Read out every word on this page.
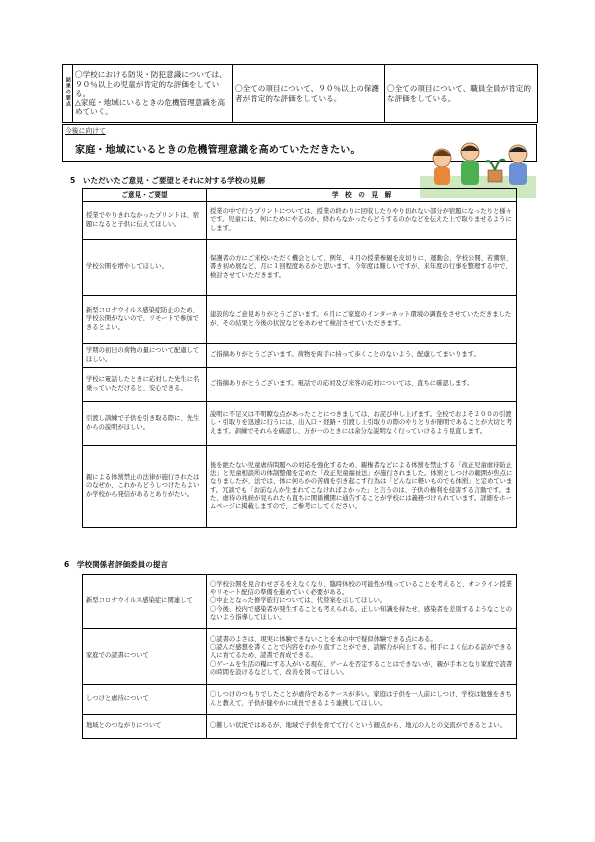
結果の要点	〇学校における防災・防犯意識については、９０％以上の児童が肯定的な評価をしている。
△家庭・地域にいるときの危機管理意識を高めていく。	〇全ての項目について、９０％以上の保護者が肯定的な評価をしている。	〇全ての項目について、職員全員が肯定的な評価をしている。
今後に向けて
家庭・地域にいるときの危機管理意識を高めていただきたい。
5　いただいたご意見・ご要望とそれに対する学校の見解
ご意見・ご要望	学　校　の　見　解
授業でやりきれなかったプリントは、宿題になると子供に伝えてほしい。	授業の中で行うプリントについては、授業の終わりに回収したりやり切れない部分が宿題になったりと様々です。児童には、何にためにやるのか、終わらなかったらどうするのかなどを伝えた上で取りませるようにします。
学校公開を増やしてほしい。	保護者の方にご来校いただく機会として、例年、４月の授業参観を皮切りに、運動会、学校公開、若潮祭、書き初め展など、月に１回程度あるかと思います。今年度は難しいですが、来年度の行事を整理する中で、検討させていただきます。
新型コロナウイルス感染症防止のため、学校公開がないので、リモートで参加できるとよい。	建設的なご意見ありがとうございます。６月にご家庭のインターネット環境の調査をさせていただきましたが、その結果と今後の状況などをあわせて検討させていただきます。
学期の初日の荷物の量について配慮してほしい。	ご指摘ありがとうございます。荷物を両手に持って歩くことのないよう、配慮してまいります。
学校に電話したときに応対した先生に名乗っていただけると、安心できる。	ご指摘ありがとうございます。電話での応対及び来客の応対については、直ちに確認します。
引渡し訓練で子供を引き取る際に、先生からの説明がほしい。	説明に不足又は不明瞭な点があったことにつきましては、お詫び申し上げます。全校でおよそ２００の引渡し・引取りを迅速に行うには、出入口・経路・引渡し上引取りの際のやりとりが簡明であることが大切と考えます。訓練でそれらを確認し、万が一のときには余分な説明なく行っていけるよう見直します。
親による体罰禁止の法律が施行されたはのなぜか、これからどうしつけたらよいか学校から発信があるとありがたい。	後を絶たない児童虐待問題への対応を強化するため、親権者などによる体罰を禁止する「改正児童虐待防止法」と児童相談所の体制整備を定めた「改正児童福祉法」が施行されました。体罰としつけの範囲が焦点になりましたが、法では、体に何らかの苦痛を引き起こす行為は「どんなに軽いものでも体罰」と定めています。冗談でも「お前なんか生まれてこなければよかった」と言うのは、子供の権利を侵害する言動です。また、虐待の兆候が見られたら直ちに関係機関に通告することが学校には義務づけられています。詳細をホームページに掲載しますので、ご参考にしてください。
6　学校関係者評価委員の提言
新型コロナウイルス感染症に関連して	〇学校公開を見合わせざるをえなくなり、臨時休校の可能性が残っていることを考えると、オンライン授業やリモート配信の準備を進めていく必要がある。
〇中止となった修学旅行については、代替案を示してほしい。
〇今後、校内で感染者が発生することも考えられる。正しい知識を持たせ、感染者を差別するようなことのないよう指導してほしい。
家庭での読書について	〇読書のよさは、現実に体験できないことを本の中で疑似体験できる点にある。
〇読んだ感想を書くことで内容をわかり直すことができ、読解力が向上する。相手によく伝わる話ができる人に育てるため、読書で育成できる。
〇ゲームを生活の糧にする人がいる現在、ゲームを否定することはできないが、親が手本となり家庭で読書の時間を設けるなどして、改善を図ってほしい。
しつけと虐待について	〇しつけのつもりでしたことが虐待であるケースが多い。家庭は子供を一人前にしつけ、学校は勉強をきちんと教えて、子供が健やかに成長できるよう連携してほしい。
地域とのつながりについて	〇難しい状況ではあるが、地域で子供を育てて行くという観点から、地元の人との交流ができるとよい。
